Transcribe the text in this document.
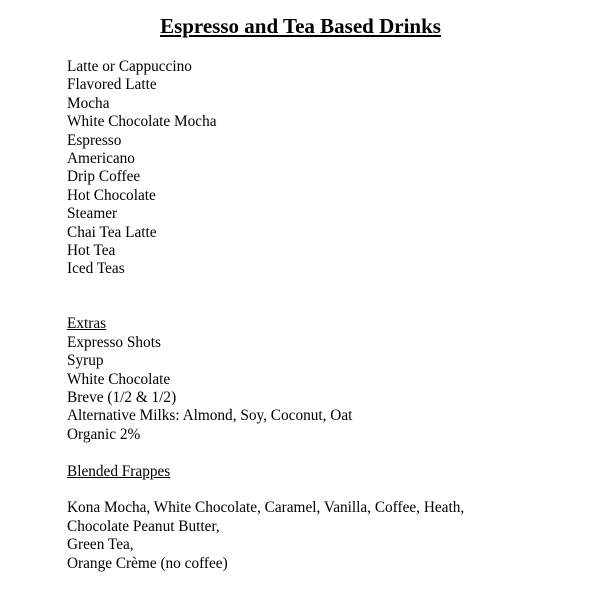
Espresso and Tea Based Drinks
Latte or Cappuccino
Flavored Latte
Mocha
White Chocolate Mocha
Espresso
Americano
Drip Coffee
Hot Chocolate
Steamer
Chai Tea Latte
Hot Tea
Iced Teas
Extras
Expresso Shots
Syrup
White Chocolate
Breve (1/2 & 1/2)
Alternative Milks: Almond, Soy, Coconut, Oat
Organic 2%
Blended Frappes
Kona Mocha, White Chocolate, Caramel, Vanilla, Coffee, Heath,
Chocolate Peanut Butter,
Green Tea,
Orange Crème (no coffee)
